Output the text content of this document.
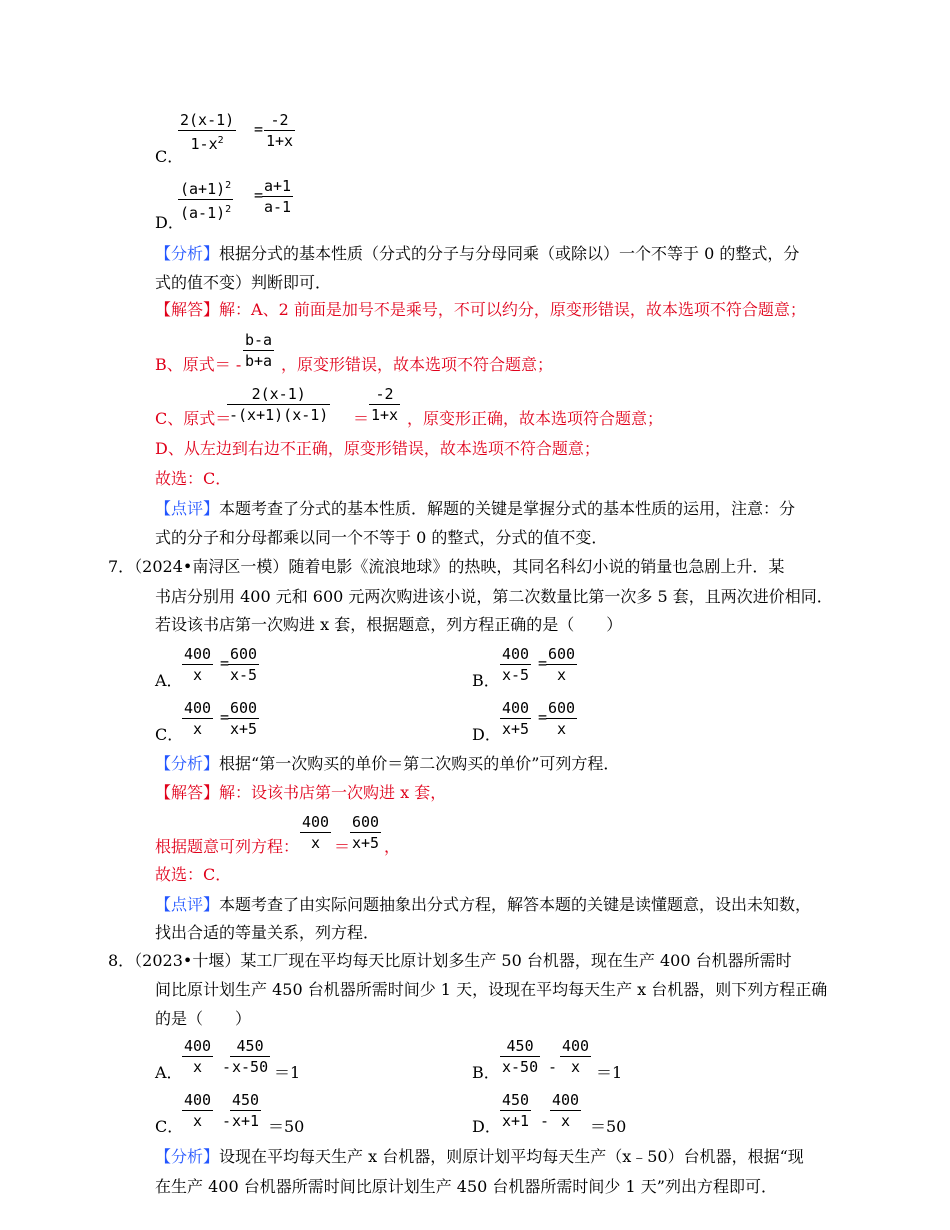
C．
$\frac{2(x-1)}{1-x^2} = \frac{-2}{1+x}$
D．
$\frac{(a+1)^2}{(a-1)^2}$ =
$\frac{a+1}{a-1}$
【分析】根据分式的基本性质（分式的分子与分母同乘（或除以）一个不等于 0 的整式，分
式的值不变）判断即可．
【解答】解：A、2 前面是加号不是乘号，不可以约分，原变形错误，故本选项不符合题意；
B、原式＝ - $\frac{b-a}{b+a}$ ，原变形错误，故本选项不符合题意；
C、原式＝
$\frac{2(x-1)}{-(x+1)(x-1)} = \frac{-2}{1+x}$ ，原变形正确，故本选项符合题意；
D、从左边到右边不正确，原变形错误，故本选项不符合题意；
故选：C．
【点评】本题考查了分式的基本性质．解题的关键是掌握分式的基本性质的运用，注意：分
式的分子和分母都乘以同一个不等于 0 的整式，分式的值不变．
7．（2024•南浔区一模）随着电影《流浪地球》的热映，其同名科幻小说的销量也急剧上升．某
书店分别用 400 元和 600 元两次购进该小说，第二次数量比第一次多 5 套，且两次进价相同．
若设该书店第一次购进 x 套，根据题意，列方程正确的是（　　）
A． $\frac{400}{x}$ =
$\frac{600}{x-5}$	B． $\frac{400}{x-5}$ =
$\frac{600}{x}$
C．
$\frac{400}{x}$ =
$\frac{600}{x+5}$	D． $\frac{400}{x+5}$ =
$\frac{600}{x}$
【分析】根据“第一次购买的单价＝第二次购买的单价”可列方程．
【解答】解：设该书店第一次购进 x 套，
根据题意可列方程： $\frac{400}{x} = \frac{600}{x+5}$ ，
故选：C．
【点评】本题考查了由实际问题抽象出分式方程，解答本题的关键是读懂题意，设出未知数，
找出合适的等量关系，列方程．
8．（2023•十堰）某工厂现在平均每天比原计划多生产 50 台机器，现在生产 400 台机器所需时
间比原计划生产 450 台机器所需时间少 1 天，设现在平均每天生产 x 台机器，则下列方程正确
的是（　　）
A． $\frac{400}{x}$ -
$\frac{450}{x-50} =1$	B． $\frac{450}{x-50} - \frac{400}{x} =1$
C．
$\frac{400}{x}$ -
$\frac{450}{x+1} =50$	D． $\frac{450}{x+1} - \frac{400}{x} =50$
【分析】设现在平均每天生产 x 台机器，则原计划平均每天生产（x﹣50）台机器，根据“现
在生产 400 台机器所需时间比原计划生产 450 台机器所需时间少 1 天”列出方程即可．
